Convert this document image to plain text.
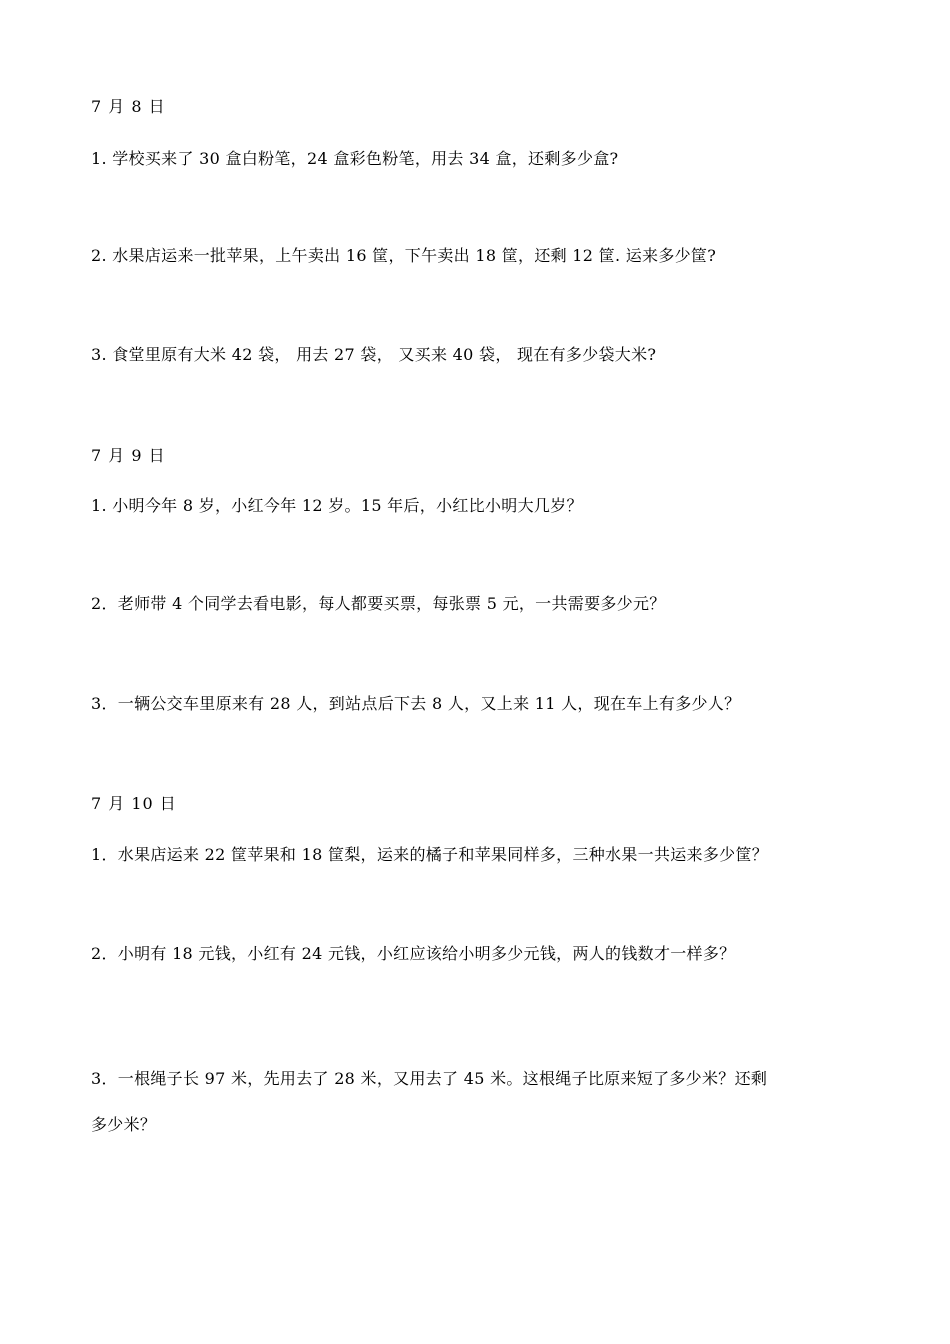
7 月 8 日
1. 学校买来了 30 盒白粉笔，24 盒彩色粉笔，用去 34 盒，还剩多少盒?
2. 水果店运来一批苹果，上午卖出 16 筐，下午卖出 18 筐，还剩 12 筐. 运来多少筐?
3. 食堂里原有大米 42 袋， 用去 27 袋， 又买来 40 袋， 现在有多少袋大米?
7 月 9 日
1. 小明今年 8 岁，小红今年 12 岁。15 年后，小红比小明大几岁？
2．老师带 4 个同学去看电影，每人都要买票，每张票 5 元，一共需要多少元？
3．一辆公交车里原来有 28 人，到站点后下去 8 人，又上来 11 人，现在车上有多少人？
7 月 10 日
1．水果店运来 22 筐苹果和 18 筐梨，运来的橘子和苹果同样多，三种水果一共运来多少筐？
2．小明有 18 元钱，小红有 24 元钱，小红应该给小明多少元钱，两人的钱数才一样多？
3．一根绳子长 97 米，先用去了 28 米，又用去了 45 米。这根绳子比原来短了多少米？还剩
多少米？
